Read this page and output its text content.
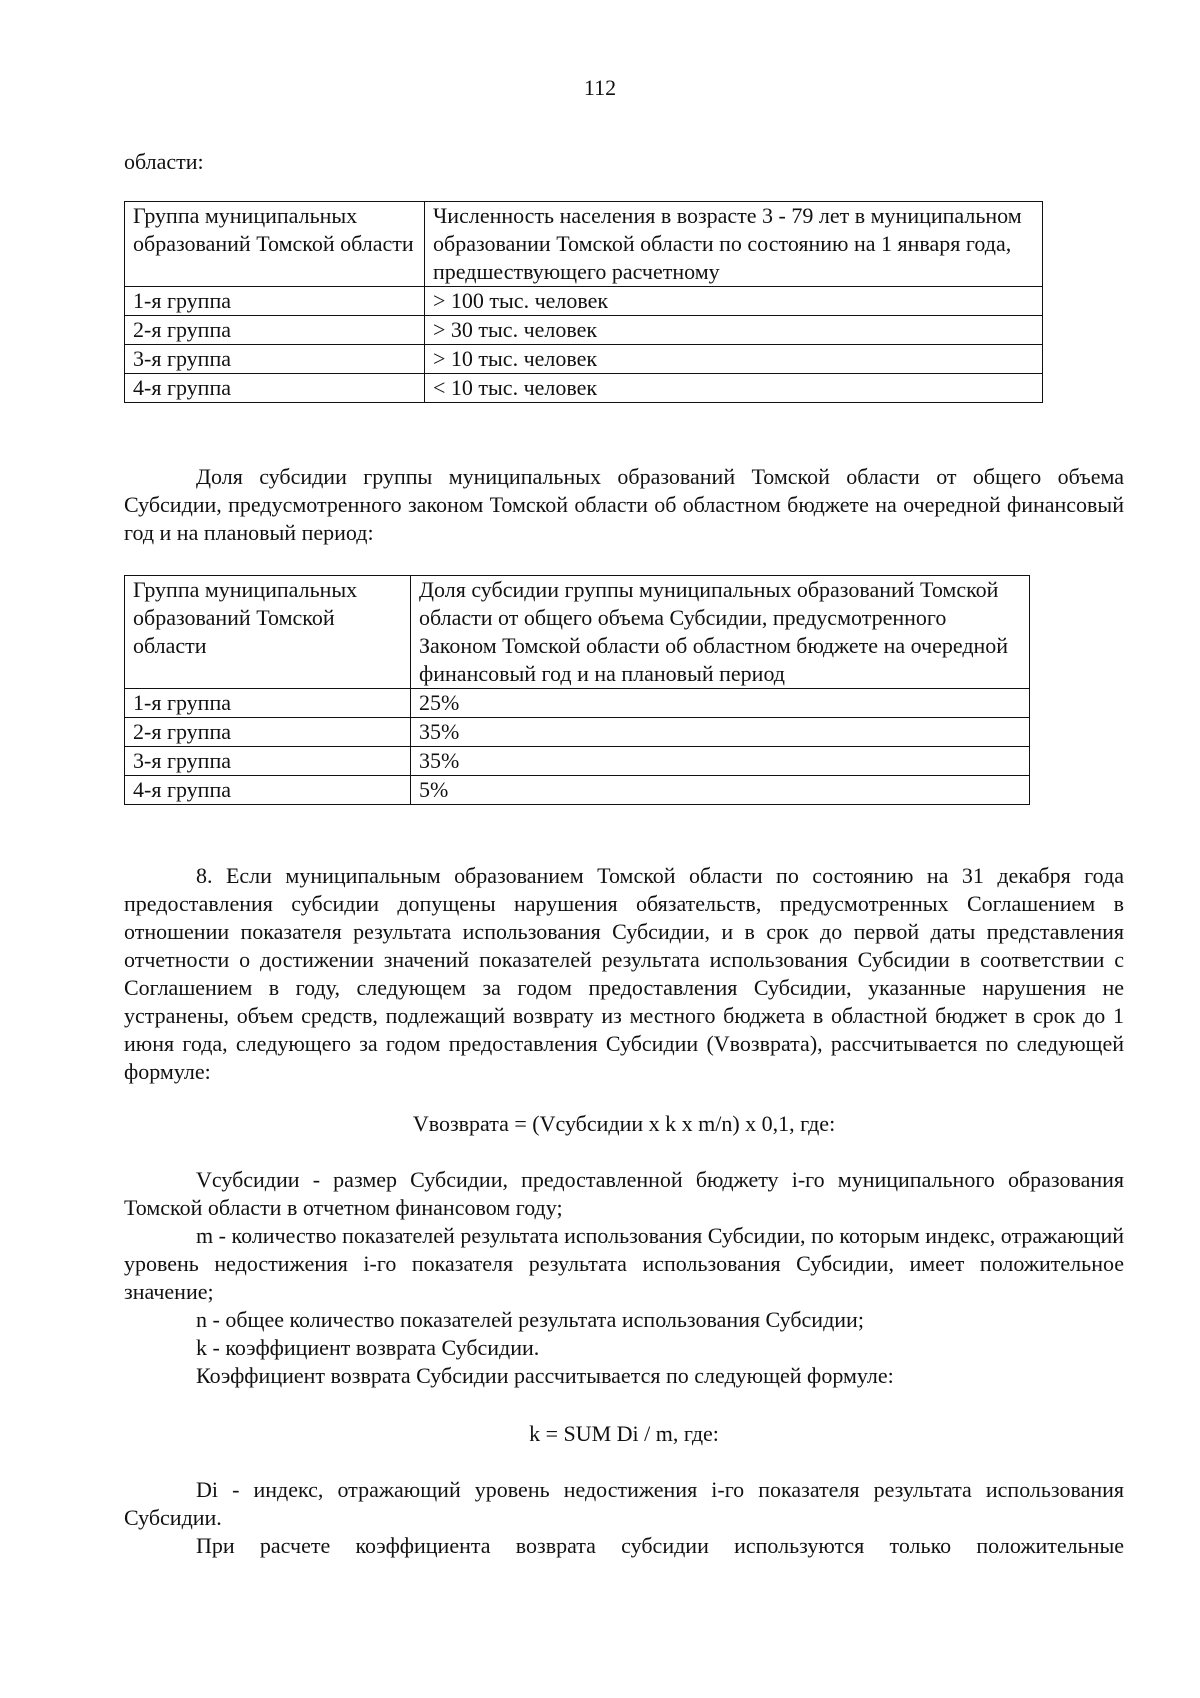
112

области:

Группа муниципальных образований Томской области	Численность населения в возрасте 3 - 79 лет в муниципальном образовании Томской области по состоянию на 1 января года, предшествующего расчетному
1-я группа	> 100 тыс. человек
2-я группа	> 30 тыс. человек
3-я группа	> 10 тыс. человек
4-я группа	< 10 тыс. человек

Доля субсидии группы муниципальных образований Томской области от общего объема Субсидии, предусмотренного законом Томской области об областном бюджете на очередной финансовый год и на плановый период:

Группа муниципальных образований Томской области	Доля субсидии группы муниципальных образований Томской области от общего объема Субсидии, предусмотренного Законом Томской области об областном бюджете на очередной финансовый год и на плановый период
1-я группа	25%
2-я группа	35%
3-я группа	35%
4-я группа	5%

8. Если муниципальным образованием Томской области по состоянию на 31 декабря года предоставления субсидии допущены нарушения обязательств, предусмотренных Соглашением в отношении показателя результата использования Субсидии, и в срок до первой даты представления отчетности о достижении значений показателей результата использования Субсидии в соответствии с Соглашением в году, следующем за годом предоставления Субсидии, указанные нарушения не устранены, объем средств, подлежащий возврату из местного бюджета в областной бюджет в срок до 1 июня года, следующего за годом предоставления Субсидии (Vвозврата), рассчитывается по следующей формуле:

Vвозврата = (Vсубсидии x k x m/n) x 0,1, где:

Vсубсидии - размер Субсидии, предоставленной бюджету i-го муниципального образования Томской области в отчетном финансовом году;

m - количество показателей результата использования Субсидии, по которым индекс, отражающий уровень недостижения i-го показателя результата использования Субсидии, имеет положительное значение;

n - общее количество показателей результата использования Субсидии;

k - коэффициент возврата Субсидии.

Коэффициент возврата Субсидии рассчитывается по следующей формуле:

k = SUM Di / m, где:

Di - индекс, отражающий уровень недостижения i-го показателя результата использования Субсидии.

При расчете коэффициента возврата субсидии используются только положительные
